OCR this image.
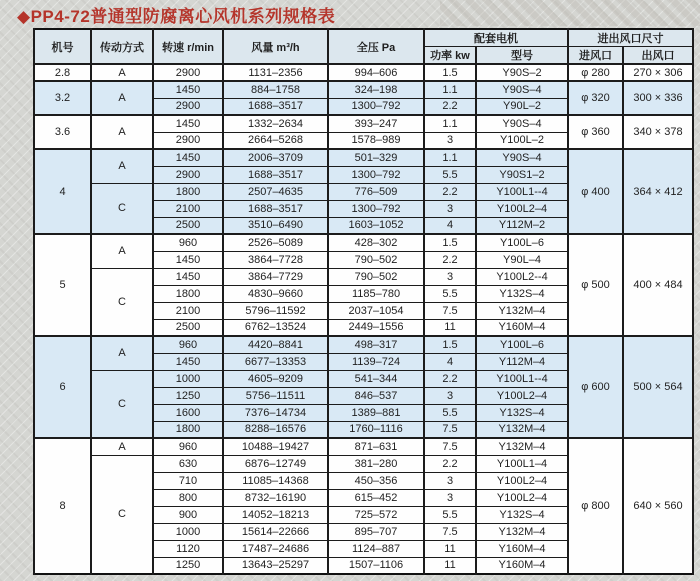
◆PP4-72普通型防腐离心风机系列规格表
机号	传动方式	转速 r/min	风量 m³/h	全压 Pa	配套电机		进出风口尺寸	
					功率 kw	型号	进风口	出风口
2.8	A	2900	1131–2356	994–606	1.5	Y90S–2	φ 280	270 × 306
3.2	A	1450	884–1758	324–198	1.1	Y90S–4	φ 320	300 × 336
		2900	1688–3517	1300–792	2.2	Y90L–2		
3.6	A	1450	1332–2634	393–247	1.1	Y90S–4	φ 360	340 × 378
		2900	2664–5268	1578–989	3	Y100L–2		
4	A	1450	2006–3709	501–329	1.1	Y90S–4	φ 400	364 × 412
		2900	1688–3517	1300–792	5.5	Y90S1–2		
	C	1800	2507–4635	776–509	2.2	Y100L1--4		
		2100	1688–3517	1300–792	3	Y100L2–4		
		2500	3510–6490	1603–1052	4	Y112M–2		
5	A	960	2526–5089	428–302	1.5	Y100L–6	φ 500	400 × 484
		1450	3864–7728	790–502	2.2	Y90L–4		
	C	1450	3864–7729	790–502	3	Y100L2--4		
		1800	4830–9660	1185–780	5.5	Y132S–4		
		2100	5796–11592	2037–1054	7.5	Y132M–4		
		2500	6762–13524	2449–1556	11	Y160M–4		
6	A	960	4420–8841	498–317	1.5	Y100L–6	φ 600	500 × 564
		1450	6677–13353	1139–724	4	Y112M–4		
	C	1000	4605–9209	541–344	2.2	Y100L1--4		
		1250	5756–11511	846–537	3	Y100L2–4		
		1600	7376–14734	1389–881	5.5	Y132S–4		
		1800	8288–16576	1760–1116	7.5	Y132M–4		
8	A	960	10488–19427	871–631	7.5	Y132M–4	φ 800	640 × 560
	C	630	6876–12749	381–280	2.2	Y100L1–4		
		710	11085–14368	450–356	3	Y100L2–4		
		800	8732–16190	615–452	3	Y100L2–4		
		900	14052–18213	725–572	5.5	Y132S–4		
		1000	15614–22666	895–707	7.5	Y132M–4		
		1120	17487–24686	1124–887	11	Y160M–4		
		1250	13643–25297	1507–1106	11	Y160M–4		
